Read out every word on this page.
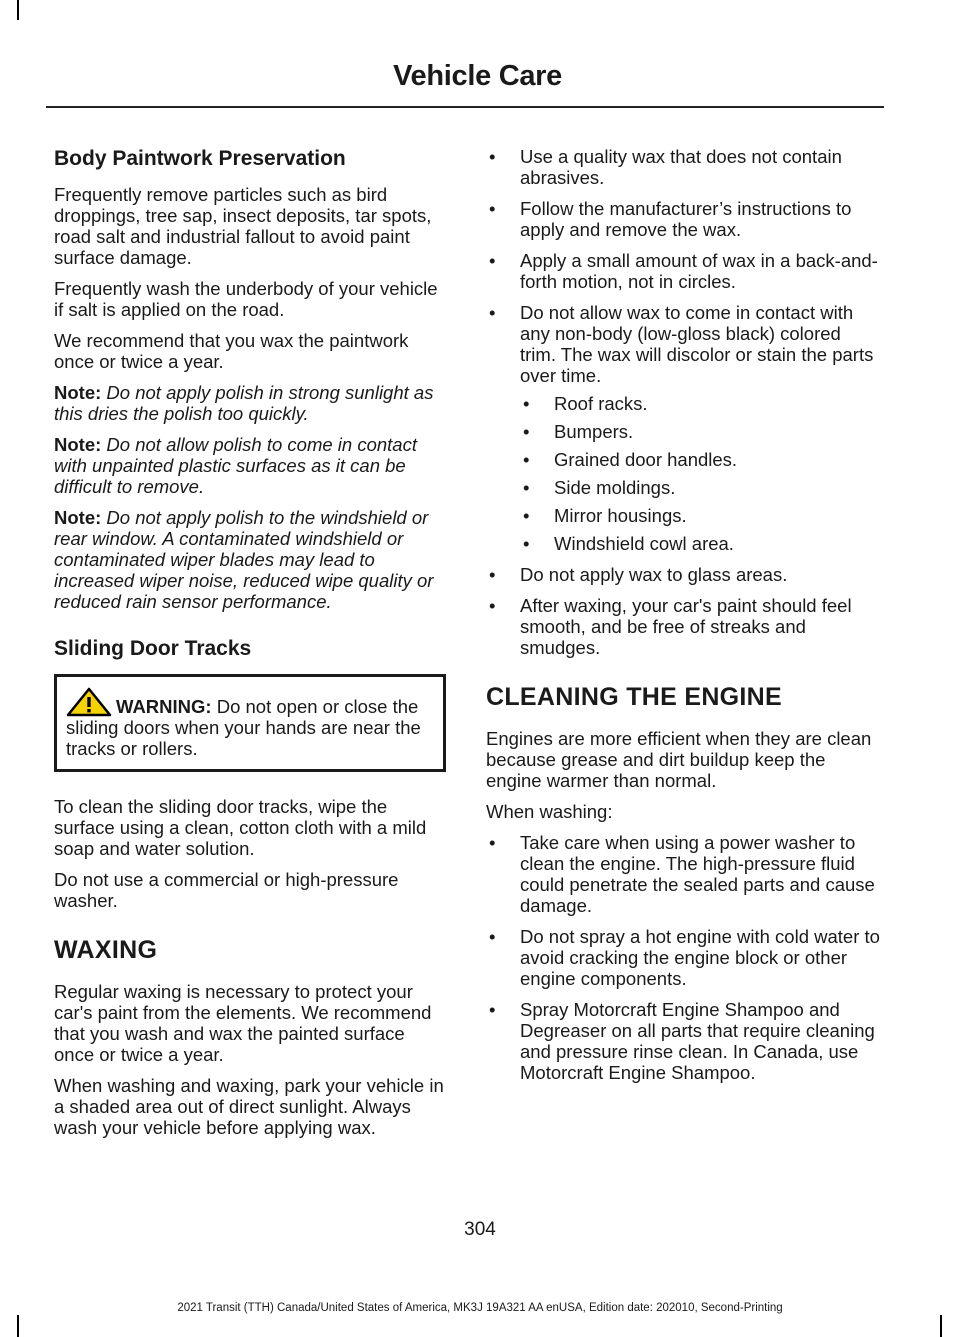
Vehicle Care
Body Paintwork Preservation

Frequently remove particles such as bird droppings, tree sap, insect deposits, tar spots, road salt and industrial fallout to avoid paint surface damage.

Frequently wash the underbody of your vehicle if salt is applied on the road.

We recommend that you wax the paintwork once or twice a year.

Note: Do not apply polish in strong sunlight as this dries the polish too quickly.

Note: Do not allow polish to come in contact with unpainted plastic surfaces as it can be difficult to remove.

Note: Do not apply polish to the windshield or rear window. A contaminated windshield or contaminated wiper blades may lead to increased wiper noise, reduced wipe quality or reduced rain sensor performance.

Sliding Door Tracks
WARNING: Do not open or close the sliding doors when your hands are near the tracks or rollers.

To clean the sliding door tracks, wipe the surface using a clean, cotton cloth with a mild soap and water solution.

Do not use a commercial or high-pressure washer.

WAXING

Regular waxing is necessary to protect your car's paint from the elements. We recommend that you wash and wax the painted surface once or twice a year.

When washing and waxing, park your vehicle in a shaded area out of direct sunlight. Always wash your vehicle before applying wax.

• Use a quality wax that does not contain abrasives.
• Follow the manufacturer’s instructions to apply and remove the wax.
• Apply a small amount of wax in a back-and-forth motion, not in circles.
• Do not allow wax to come in contact with any non-body (low-gloss black) colored trim. The wax will discolor or stain the parts over time.
• Roof racks.
• Bumpers.
• Grained door handles.
• Side moldings.
• Mirror housings.
• Windshield cowl area.
• Do not apply wax to glass areas.
• After waxing, your car's paint should feel smooth, and be free of streaks and smudges.
CLEANING THE ENGINE

Engines are more efficient when they are clean because grease and dirt buildup keep the engine warmer than normal.

When washing:

• Take care when using a power washer to clean the engine. The high-pressure fluid could penetrate the sealed parts and cause damage.
• Do not spray a hot engine with cold water to avoid cracking the engine block or other engine components.
• Spray Motorcraft Engine Shampoo and Degreaser on all parts that require cleaning and pressure rinse clean. In Canada, use Motorcraft Engine Shampoo.
304
2021 Transit (TTH) Canada/United States of America, MK3J 19A321 AA enUSA, Edition date: 202010, Second-Printing
